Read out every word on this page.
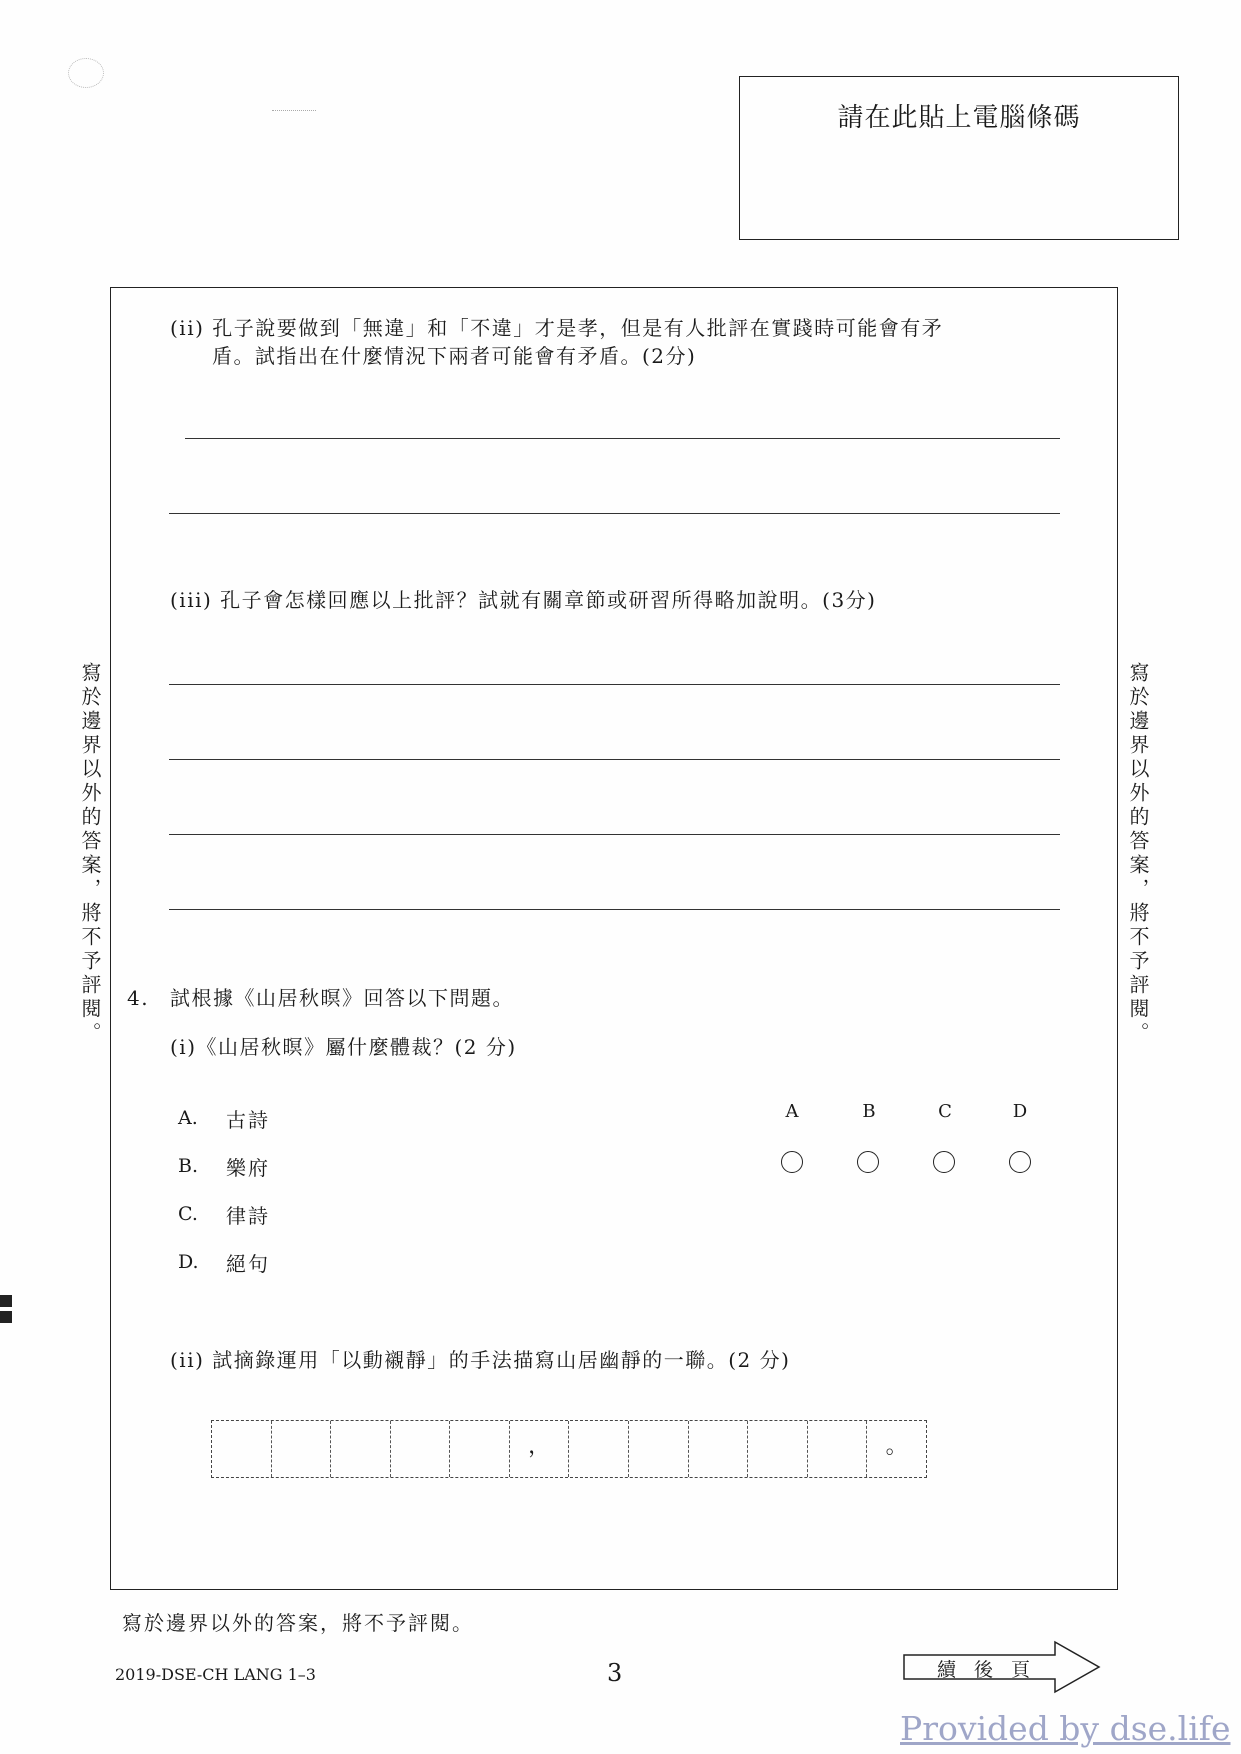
請在此貼上電腦條碼
寫於邊界以外的答案，將不予評閱。	寫於邊界以外的答案，將不予評閱。
(ii) 孔子說要做到「無違」和「不違」才是孝，但是有人批評在實踐時可能會有矛
盾。試指出在什麼情況下兩者可能會有矛盾。(2分)
(iii) 孔子會怎樣回應以上批評？試就有關章節或研習所得略加說明。(3分)
4. 試根據《山居秋暝》回答以下問題。
(i)《山居秋暝》屬什麼體裁？(2 分)
A. 古詩
B. 樂府
C. 律詩
D. 絕句
A	B	C	D
(ii) 試摘錄運用「以動襯靜」的手法描寫山居幽靜的一聯。(2 分)
，	。
寫於邊界以外的答案，將不予評閱。
2019-DSE-CH LANG 1–3	3	續後頁
Provided by dse.life
